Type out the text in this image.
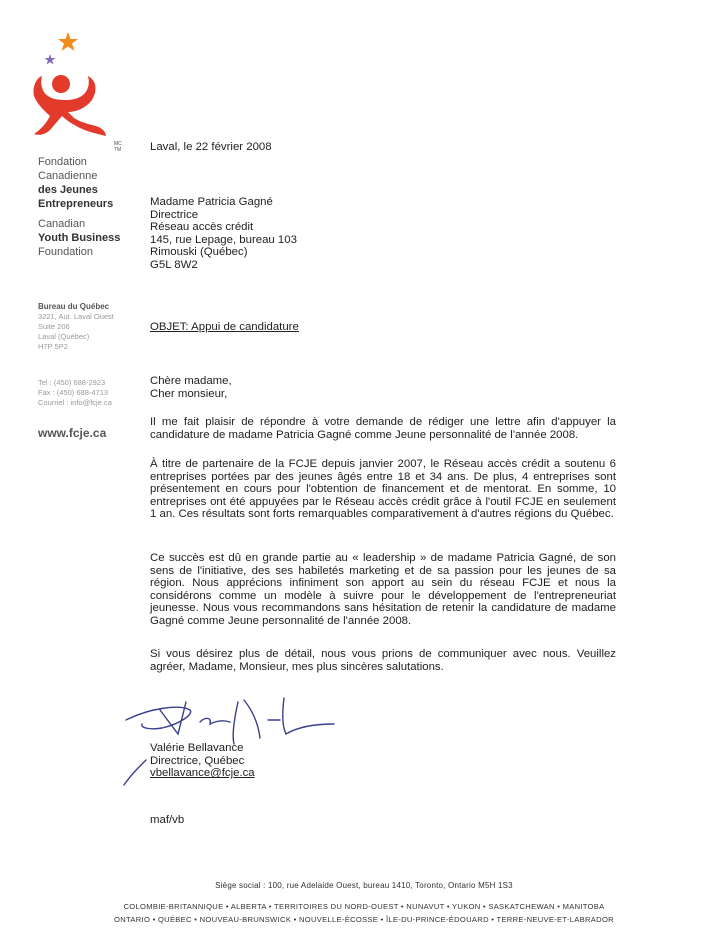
MC
TM
Fondation
Canadienne
des Jeunes
Entrepreneurs
Canadian
Youth Business
Foundation
Bureau du Québec
3221, Aut. Laval Ouest
Suite 206
Laval (Québec)
H7P 5P2
Tel : (450) 688-2923
Fax : (450) 688-4713
Courriel : info@fcje.ca
www.fcje.ca
Laval, le 22 février 2008
Madame Patricia Gagné
Directrice
Réseau accès crédit
145, rue Lepage, bureau 103
Rimouski (Québec)
G5L 8W2
OBJET: Appui de candidature
Chère madame,
Cher monsieur,
Il me fait plaisir de répondre à votre demande de rédiger une lettre afin d'appuyer la candidature de madame Patricia Gagné comme Jeune personnalité de l'année 2008.
À titre de partenaire de la FCJE depuis janvier 2007, le Réseau accès crédit a soutenu 6 entreprises portées par des jeunes âgés entre 18 et 34 ans. De plus, 4 entreprises sont présentement en cours pour l'obtention de financement et de mentorat. En somme, 10 entreprises ont été appuyées par le Réseau accès crédit grâce à l'outil FCJE en seulement 1 an. Ces résultats sont forts remarquables comparativement à d'autres régions du Québec.
Ce succès est dû en grande partie au « leadership » de madame Patricia Gagné, de son sens de l'initiative, des ses habiletés marketing et de sa passion pour les jeunes de sa région. Nous apprécions infiniment son apport au sein du réseau FCJE et nous la considérons comme un modèle à suivre pour le développement de l'entrepreneuriat jeunesse. Nous vous recommandons sans hésitation de retenir la candidature de madame Gagné comme Jeune personnalité de l'année 2008.
Si vous désirez plus de détail, nous vous prions de communiquer avec nous. Veuillez agréer, Madame, Monsieur, mes plus sincères salutations.
Valérie Bellavance
Directrice, Québec
vbellavance@fcje.ca
maf/vb
Siège social : 100, rue Adelaide Ouest, bureau 1410, Toronto, Ontario M5H 1S3
COLOMBIE-BRITANNIQUE • ALBERTA • TERRITOIRES DU NORD-OUEST • NUNAVUT • YUKON • SASKATCHEWAN • MANITOBA
ONTARIO • QUÉBEC • NOUVEAU-BRUNSWICK • NOUVELLE-ÉCOSSE • ÎLE-DU-PRINCE-ÉDOUARD • TERRE-NEUVE-ET-LABRADOR
